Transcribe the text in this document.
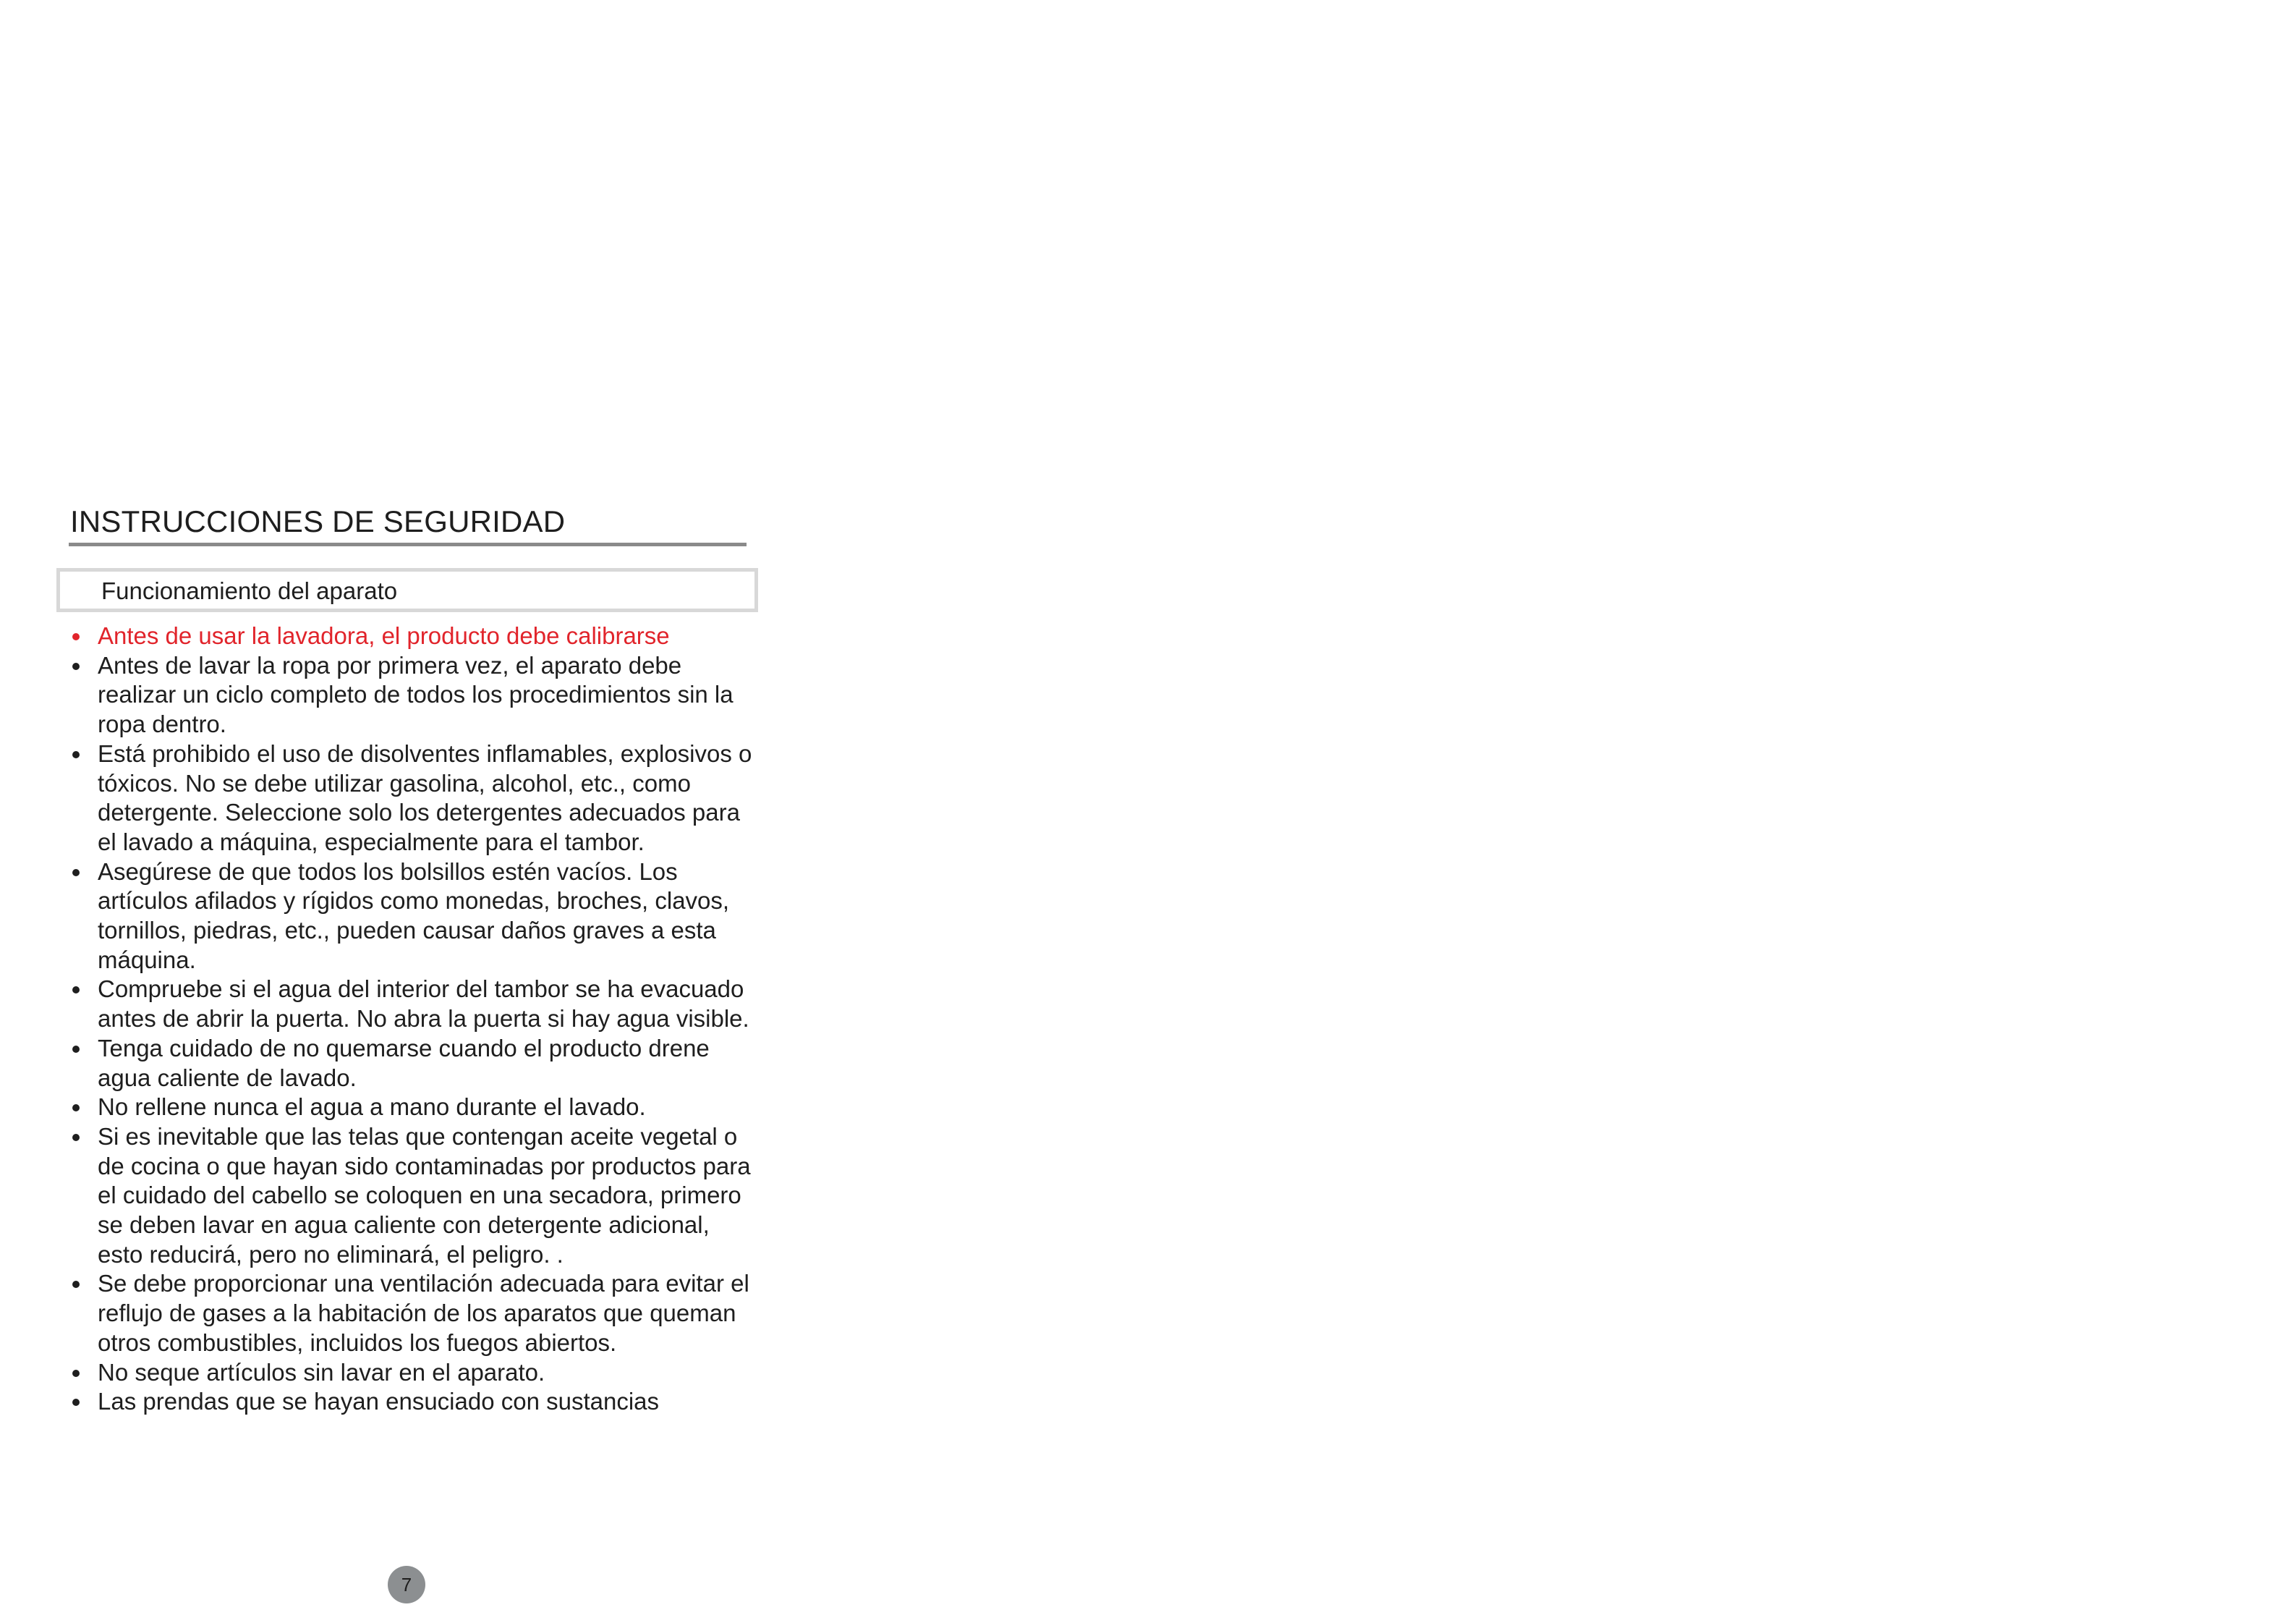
INSTRUCCIONES DE SEGURIDAD
Funcionamiento del aparato
Antes de usar la lavadora, el producto debe calibrarse
Antes de lavar la ropa por primera vez, el aparato debe realizar un ciclo completo de todos los procedimientos sin la ropa dentro.
Está prohibido el uso de disolventes inflamables, explosivos o tóxicos. No se debe utilizar gasolina, alcohol, etc., como detergente. Seleccione solo los detergentes adecuados para el lavado a máquina, especialmente para el tambor.
Asegúrese de que todos los bolsillos estén vacíos. Los artículos afilados y rígidos como monedas, broches, clavos, tornillos, piedras, etc., pueden causar daños graves a esta máquina.
Compruebe si el agua del interior del tambor se ha evacuado antes de abrir la puerta. No abra la puerta si hay agua visible.
Tenga cuidado de no quemarse cuando el producto drene agua caliente de lavado.
No rellene nunca el agua a mano durante el lavado.
Si es inevitable que las telas que contengan aceite vegetal o de cocina o que hayan sido contaminadas por productos para el cuidado del cabello se coloquen en una secadora, primero se deben lavar en agua caliente con detergente adicional, esto reducirá, pero no eliminará, el peligro. .
Se debe proporcionar una ventilación adecuada para evitar el reflujo de gases a la habitación de los aparatos que queman otros combustibles, incluidos los fuegos abiertos.
No seque artículos sin lavar en el aparato.
Las prendas que se hayan ensuciado con sustancias
7
